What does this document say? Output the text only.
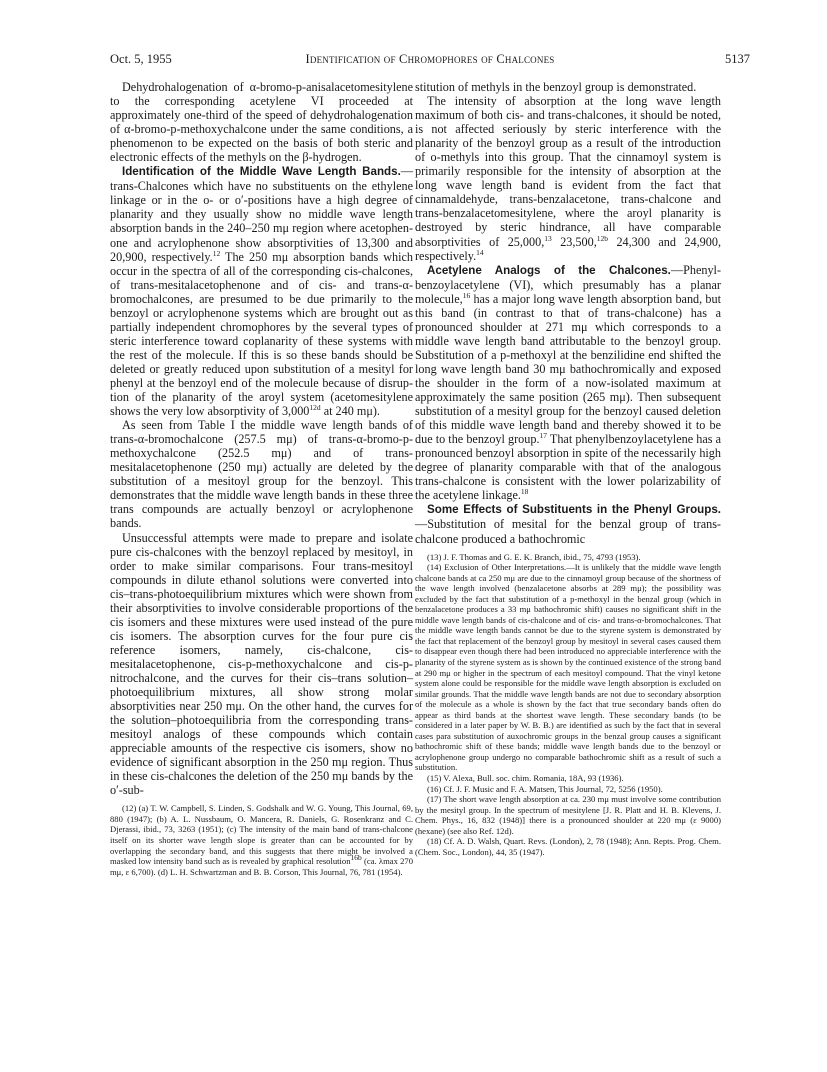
Oct. 5, 1955	Identification of Chromophores of Chalcones	5137

Dehydrohalogenation of α-bromo-p-anisalacetomesitylene to the corresponding acetylene VI proceeded at approximately one-third of the speed of dehydrohalogenation of α-bromo-p-methoxychalcone under the same conditions, a phenomenon to be expected on the basis of both steric and electronic effects of the methyls on the β-hydrogen.

Identification of the Middle Wave Length Bands.—trans-Chalcones which have no substituents on the ethylene linkage or in the o- or o′-positions have a high degree of planarity and they usually show no middle wave length absorption bands in the 240–250 mμ region where acetophenone and acrylophenone show absorptivities of 13,300 and 20,900, respectively.$^{12}$ The 250 mμ absorption bands which occur in the spectra of all of the corresponding cis-chalcones, of trans-mesitalacetophenone and of cis- and trans-α-bromochalcones, are presumed to be due primarily to the benzoyl or acrylophenone systems which are brought out as partially independent chromophores by the several types of steric interference toward coplanarity of these systems with the rest of the molecule. If this is so these bands should be deleted or greatly reduced upon substitution of a mesityl for phenyl at the benzoyl end of the molecule because of disruption of the planarity of the aroyl system (acetomesitylene shows the very low absorptivity of $3,000^{12d}$ at 240 mμ).

As seen from Table I the middle wave length bands of trans-α-bromochalcone (257.5 mμ) of trans-α-bromo-p-methoxychalcone (252.5 mμ) and of trans-mesitalacetophenone (250 mμ) actually are deleted by the substitution of a mesitoyl group for the benzoyl. This demonstrates that the middle wave length bands in these three trans compounds are actually benzoyl or acrylophenone bands.

Unsuccessful attempts were made to prepare and isolate pure cis-chalcones with the benzoyl replaced by mesitoyl, in order to make similar comparisons. Four trans-mesitoyl compounds in dilute ethanol solutions were converted into cis–trans-photoequilibrium mixtures which were shown from their absorptivities to involve considerable proportions of the cis isomers and these mixtures were used instead of the pure cis isomers. The absorption curves for the four pure cis reference isomers, namely, cis-chalcone, cis-mesitalacetophenone, cis-p-methoxychalcone and cis-p-nitrochalcone, and the curves for their cis–trans solution–photoequilibrium mixtures, all show strong molar absorptivities near 250 mμ. On the other hand, the curves for the solution–photoequilibria from the corresponding trans-mesitoyl analogs of these compounds which contain appreciable amounts of the respective cis isomers, show no evidence of significant absorption in the 250 mμ region. Thus in these cis-chalcones the deletion of the 250 mμ bands by the o′-sub-

(12) (a) T. W. Campbell, S. Linden, S. Godshalk and W. G. Young, This Journal, 69, 880 (1947); (b) A. L. Nussbaum, O. Mancera, R. Daniels, G. Rosenkranz and C. Djerassi, ibid., 73, 3263 (1951); (c) The intensity of the main band of trans-chalcone itself on its shorter wave length slope is greater than can be accounted for by overlapping the secondary band, and this suggests that there might be involved a masked low intensity band such as is revealed by graphical resolution$^{16b}$ (ca. λmax 270 mμ, ε 6,700). (d) L. H. Schwartzman and B. B. Corson, This Journal, 76, 781 (1954).

stitution of methyls in the benzoyl group is demonstrated.

The intensity of absorption at the long wave length maximum of both cis- and trans-chalcones, it should be noted, is not affected seriously by steric interference with the planarity of the benzoyl group as a result of the introduction of o-methyls into this group. That the cinnamoyl system is primarily responsible for the intensity of absorption at the long wave length band is evident from the fact that cinnamaldehyde, trans-benzalacetone, trans-chalcone and trans-benzalacetomesitylene, where the aroyl planarity is destroyed by steric hindrance, all have comparable absorptivities of 25,000,13 23,500,$^{12b}$ 24,300 and 24,900, respectively.$^{14}$

Acetylene Analogs of the Chalcones.—Phenylbenzoylacetylene (VI), which presumably has a planar molecule,$^{16}$ has a major long wave length absorption band, but this band (in contrast to that of trans-chalcone) has a pronounced shoulder at 271 mμ which corresponds to a middle wave length band attributable to the benzoyl group. Substitution of a p-methoxyl at the benzilidine end shifted the long wave length band 30 mμ bathochromically and exposed the shoulder in the form of a now-isolated maximum at approximately the same position (265 mμ). Then subsequent substitution of a mesityl group for the benzoyl caused deletion of this middle wave length band and thereby showed it to be due to the benzoyl group.$^{17}$ That phenylbenzoylacetylene has a pronounced benzoyl absorption in spite of the necessarily high degree of planarity comparable with that of the analogous trans-chalcone is consistent with the lower polarizability of the acetylene linkage.$^{18}$

Some Effects of Substituents in the Phenyl Groups.—Substitution of mesital for the benzal group of trans-chalcone produced a bathochromic

(13) J. F. Thomas and G. E. K. Branch, ibid., 75, 4793 (1953).

(14) Exclusion of Other Interpretations.—It is unlikely that the middle wave length chalcone bands at ca 250 mμ are due to the cinnamoyl group because of the shortness of the wave length involved (benzalacetone absorbs at 289 mμ); the possibility was excluded by the fact that substitution of a p-methoxyl in the benzal group (which in benzalacetone produces a 33 mμ bathochromic shift) causes no significant shift in the middle wave length bands of cis-chalcone and of cis- and trans-α-bromochalcones. That the middle wave length bands cannot be due to the styrene system is demonstrated by the fact that replacement of the benzoyl group by mesitoyl in several cases caused them to disappear even though there had been introduced no appreciable interference with the planarity of the styrene system as is shown by the continued existence of the strong band at 290 mμ or higher in the spectrum of each mesitoyl compound. That the vinyl ketone system alone could be responsible for the middle wave length absorption is excluded on similar grounds. That the middle wave length bands are not due to secondary absorption of the molecule as a whole is shown by the fact that true secondary bands often do appear as third bands at the shortest wave length. These secondary bands (to be considered in a later paper by W. B. B.) are identified as such by the fact that in several cases para substitution of auxochromic groups in the benzal group causes a significant bathochromic shift of these bands; middle wave length bands due to the benzoyl or acrylophenone group undergo no comparable bathochromic shift as a result of such a substitution.

(15) V. Alexa, Bull. soc. chim. Romania, 18A, 93 (1936).

(16) Cf. J. F. Music and F. A. Matsen, This Journal, 72, 5256 (1950).

(17) The short wave length absorption at ca. 230 mμ must involve some contribution by the mesityl group. In the spectrum of mesitylene [J. R. Platt and H. B. Klevens, J. Chem. Phys., 16, 832 (1948)] there is a pronounced shoulder at 220 mμ (ε 9000) (hexane) (see also Ref. 12d).

(18) Cf. A. D. Walsh, Quart. Revs. (London), 2, 78 (1948); Ann. Repts. Prog. Chem. (Chem. Soc., London), 44, 35 (1947).
